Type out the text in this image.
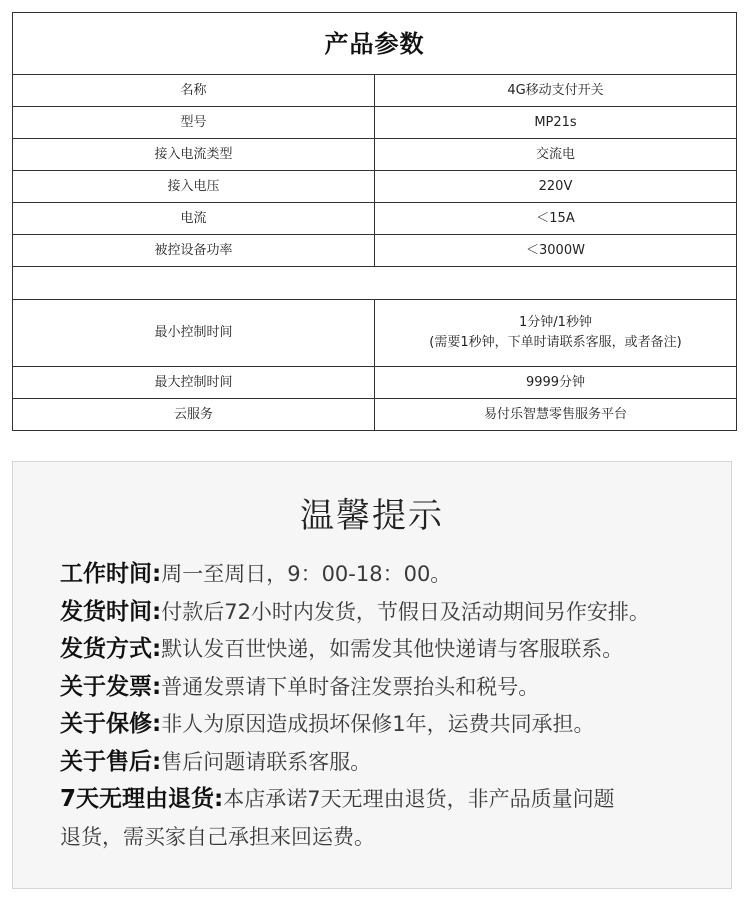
产品参数	
名称	4G移动支付开关
型号	MP21s
接入电流类型	交流电
接入电压	220V
电流	＜15A
被控设备功率	＜3000W

最小控制时间	1分钟/1秒钟
(需要1秒钟，下单时请联系客服，或者备注)

最大控制时间	9999分钟
云服务	易付乐智慧零售服务平台
温馨提示
工作时间:周一至周日，9：00-18：00。
发货时间:付款后72小时内发货，节假日及活动期间另作安排。
发货方式:默认发百世快递，如需发其他快递请与客服联系。
关于发票:普通发票请下单时备注发票抬头和税号。
关于保修:非人为原因造成损坏保修1年，运费共同承担。
关于售后:售后问题请联系客服。
7天无理由退货:本店承诺7天无理由退货，非产品质量问题
退货，需买家自己承担来回运费。
